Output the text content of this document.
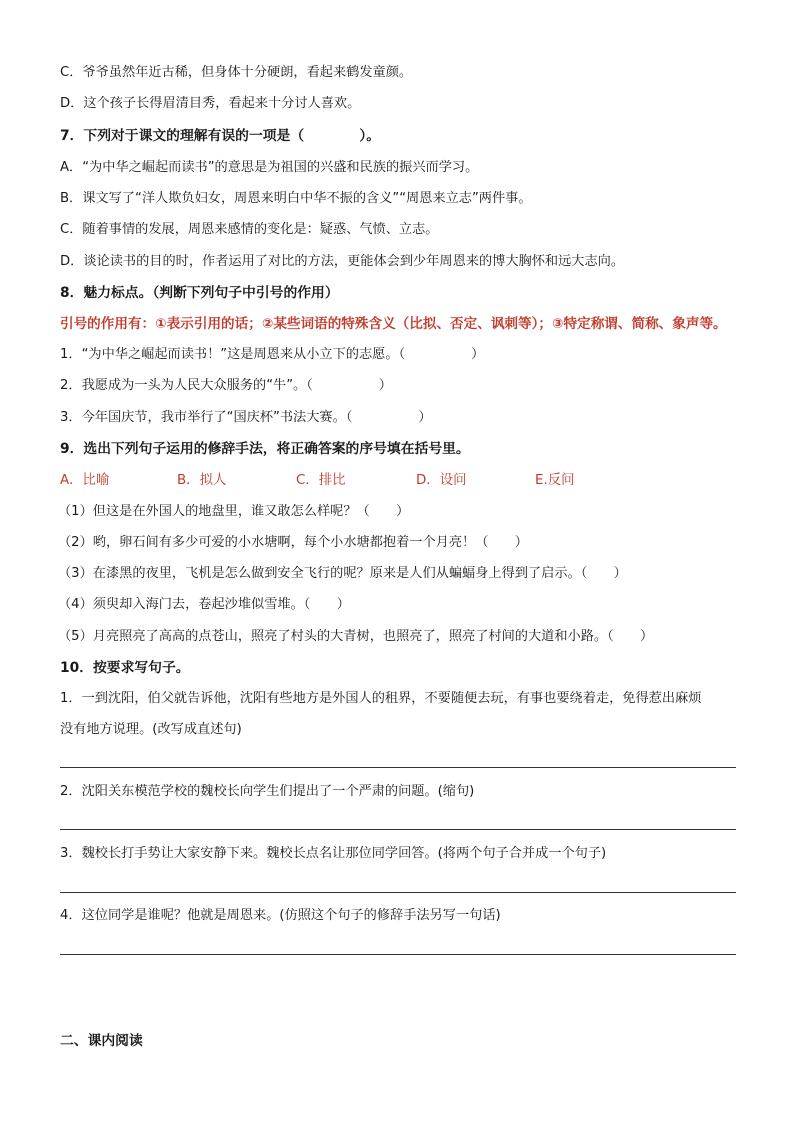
C．爷爷虽然年近古稀，但身体十分硬朗，看起来鹤发童颜。
D．这个孩子长得眉清目秀，看起来十分讨人喜欢。
7．下列对于课文的理解有误的一项是（　　　　）。
A．“为中华之崛起而读书”的意思是为祖国的兴盛和民族的振兴而学习。
B．课文写了“洋人欺负妇女，周恩来明白中华不振的含义”“周恩来立志”两件事。
C．随着事情的发展，周恩来感情的变化是：疑惑、气愤、立志。
D．谈论读书的目的时，作者运用了对比的方法，更能体会到少年周恩来的博大胸怀和远大志向。
8．魅力标点。（判断下列句子中引号的作用）
引号的作用有：①表示引用的话；②某些词语的特殊含义（比拟、否定、讽刺等）；③特定称谓、简称、象声等。
1．“为中华之崛起而读书！”这是周恩来从小立下的志愿。（　　　　　）
2．我愿成为一头为人民大众服务的“牛”。（　　　　　）
3．今年国庆节，我市举行了“国庆杯”书法大赛。（　　　　　）
9．选出下列句子运用的修辞手法，将正确答案的序号填在括号里。
A．比喻	B．拟人	C．排比	D．设问	E.反问
（1）但这是在外国人的地盘里，谁又敢怎么样呢？（　　）
（2）哟，卵石间有多少可爱的小水塘啊，每个小水塘都抱着一个月亮！（　　）
（3）在漆黑的夜里，飞机是怎么做到安全飞行的呢？原来是人们从蝙蝠身上得到了启示。（　　）
（4）须臾却入海门去，卷起沙堆似雪堆。（　　）
（5）月亮照亮了高高的点苍山，照亮了村头的大青树，也照亮了，照亮了村间的大道和小路。（　　）
10．按要求写句子。
1．一到沈阳，伯父就告诉他，沈阳有些地方是外国人的租界，不要随便去玩，有事也要绕着走，免得惹出麻烦
没有地方说理。(改写成直述句)
2．沈阳关东模范学校的魏校长向学生们提出了一个严肃的问题。(缩句)
3．魏校长打手势让大家安静下来。魏校长点名让那位同学回答。(将两个句子合并成一个句子)
4．这位同学是谁呢？他就是周恩来。(仿照这个句子的修辞手法另写一句话)
二、课内阅读
